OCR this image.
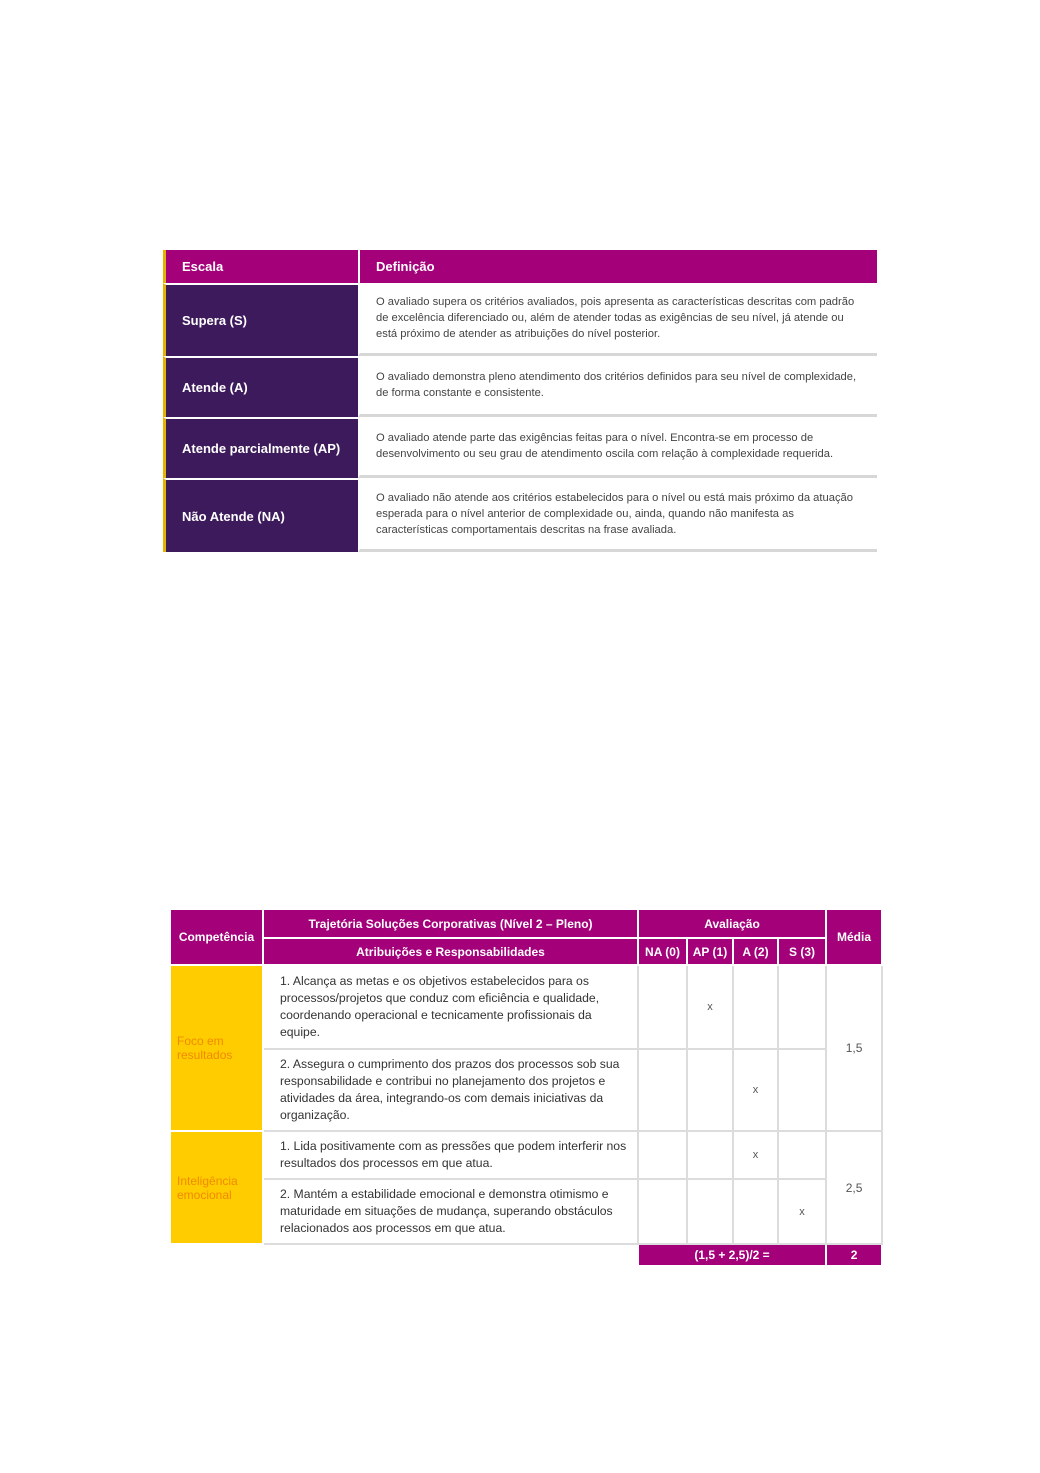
Escala	Definição
Supera (S)	O avaliado supera os critérios avaliados, pois apresenta as características descritas com padrão de excelência diferenciado ou, além de atender todas as exigências de seu nível, já atende ou está próximo de atender as atribuições do nível posterior.
Atende (A)	O avaliado demonstra pleno atendimento dos critérios definidos para seu nível de complexidade, de forma constante e consistente.
Atende parcialmente (AP)	O avaliado atende parte das exigências feitas para o nível. Encontra-se em processo de desenvolvimento ou seu grau de atendimento oscila com relação à complexidade requerida.
Não Atende (NA)	O avaliado não atende aos critérios estabelecidos para o nível ou está mais próximo da atuação esperada para o nível anterior de complexidade ou, ainda, quando não manifesta as características comportamentais descritas na frase avaliada.
Competência	Trajetória Soluções Corporativas (Nível 2 – Pleno)	Avaliação				Média
	Atribuições e Responsabilidades	NA (0)	AP (1)	A (2)	S (3)	
Foco em resultados	1. Alcança as metas e os objetivos estabelecidos para os processos/projetos que conduz com eficiência e qualidade, coordenando operacional e tecnicamente profissionais da equipe.		x			1,5
	2. Assegura o cumprimento dos prazos dos processos sob sua responsabilidade e contribui no planejamento dos projetos e atividades da área, integrando-os com demais iniciativas da organização.			x		
Inteligência emocional	1. Lida positivamente com as pressões que podem interferir nos resultados dos processos em que atua.			x		2,5
	2. Mantém a estabilidade emocional e demonstra otimismo e maturidade em situações de mudança, superando obstáculos relacionados aos processos em que atua.				x	
		(1,5 + 2,5)/2 =				2
